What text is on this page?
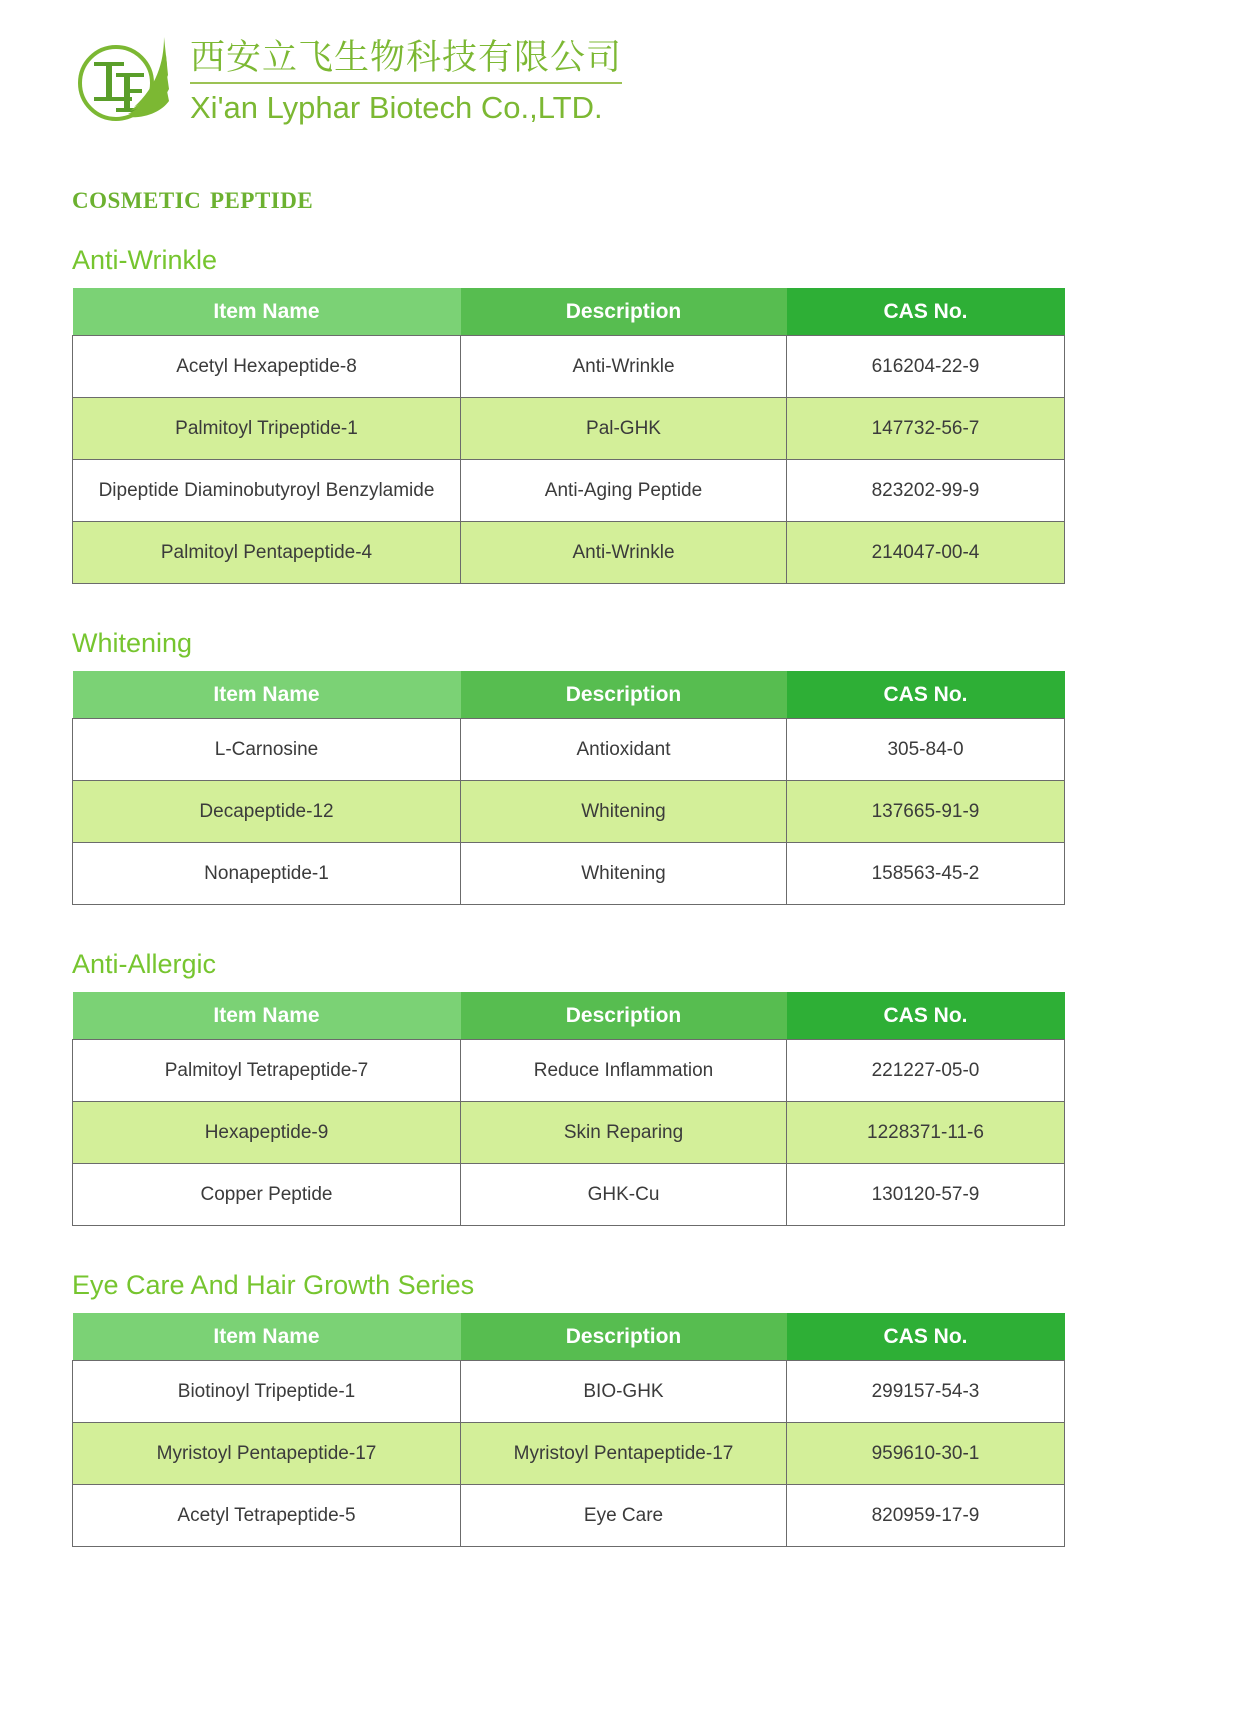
西安立飞生物科技有限公司
Xi'an Lyphar Biotech Co.,LTD.
cosmetic peptide
Anti-Wrinkle
Item Name	Description	CAS No.
Acetyl Hexapeptide-8	Anti-Wrinkle	616204-22-9
Palmitoyl Tripeptide-1	Pal-GHK	147732-56-7
Dipeptide Diaminobutyroyl Benzylamide	Anti-Aging Peptide	823202-99-9
Palmitoyl Pentapeptide-4	Anti-Wrinkle	214047-00-4
Whitening
Item Name	Description	CAS No.
L-Carnosine	Antioxidant	305-84-0
Decapeptide-12	Whitening	137665-91-9
Nonapeptide-1	Whitening	158563-45-2
Anti-Allergic
Item Name	Description	CAS No.
Palmitoyl Tetrapeptide-7	Reduce Inflammation	221227-05-0
Hexapeptide-9	Skin Reparing	1228371-11-6
Copper Peptide	GHK-Cu	130120-57-9
Eye Care And Hair Growth Series
Item Name	Description	CAS No.
Biotinoyl Tripeptide-1	BIO-GHK	299157-54-3
Myristoyl Pentapeptide-17	Myristoyl Pentapeptide-17	959610-30-1
Acetyl Tetrapeptide-5	Eye Care	820959-17-9
